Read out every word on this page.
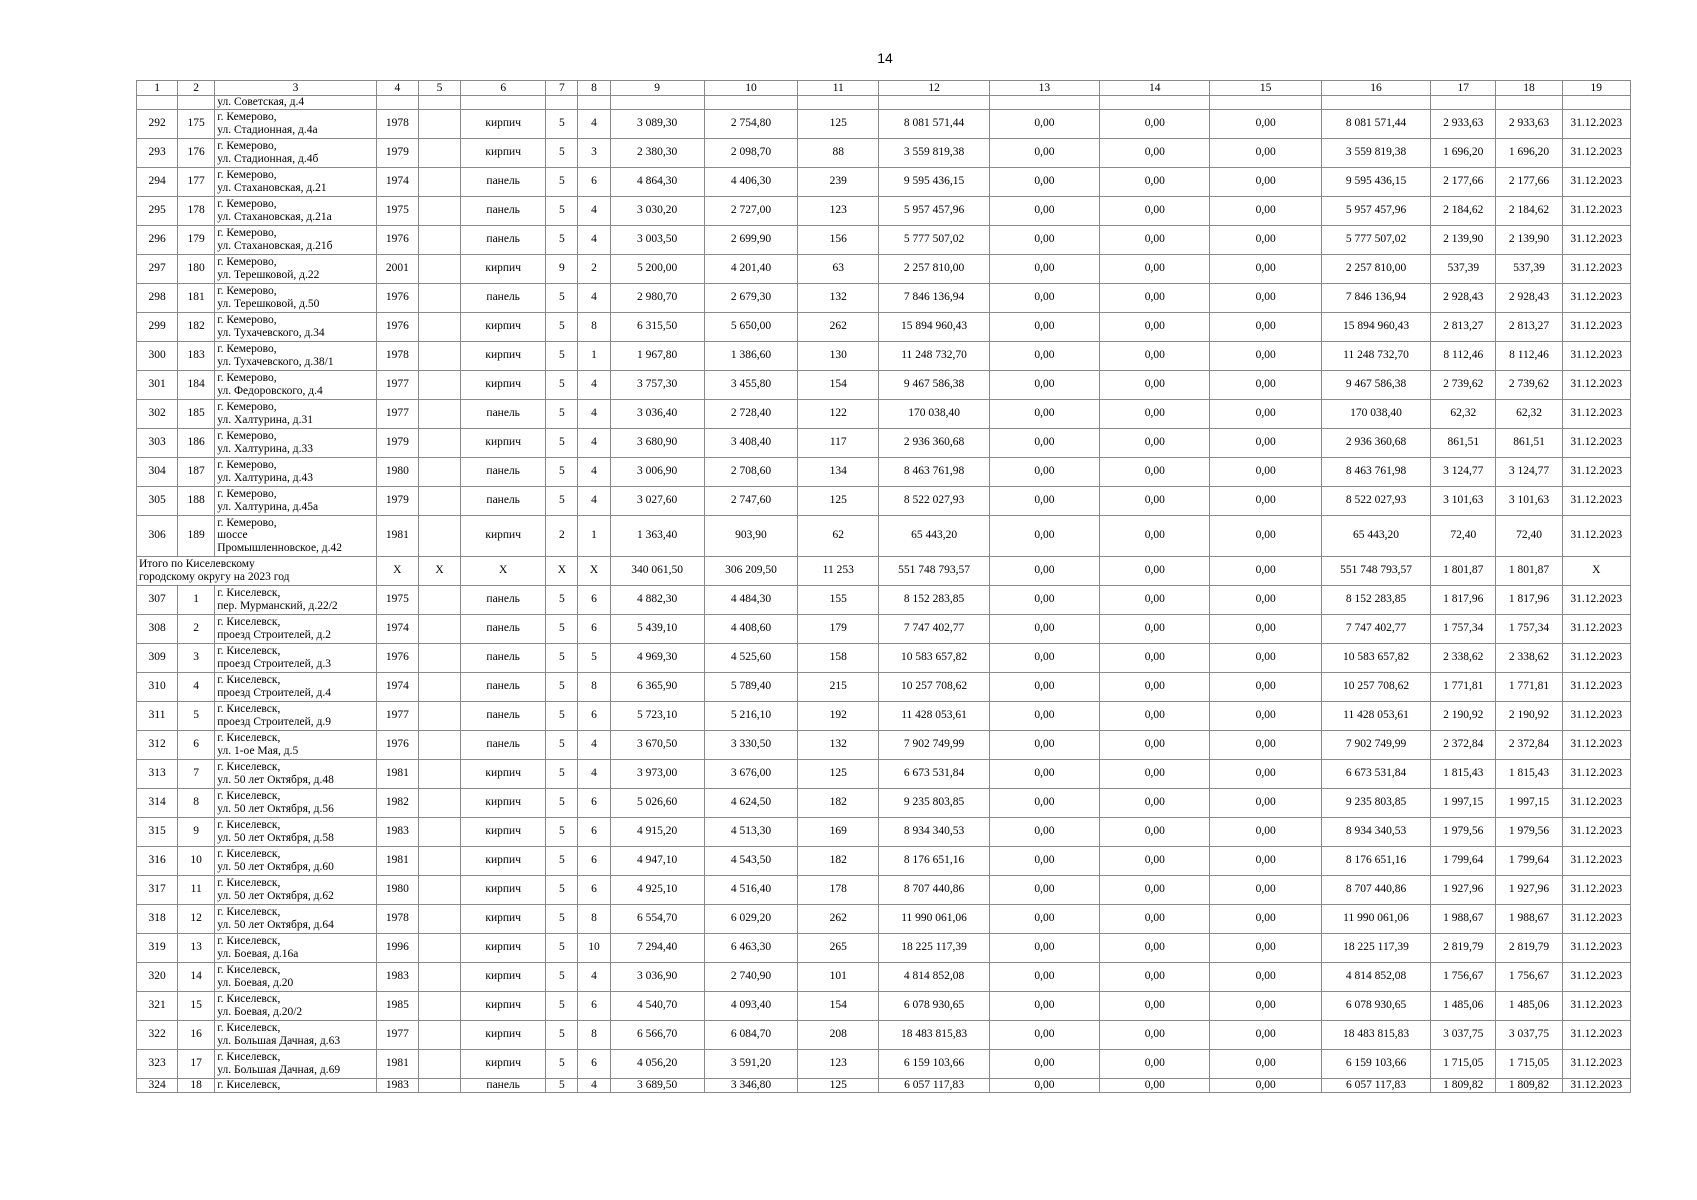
14
1	2	3	4	5	6	7	8	9	10	11	12	13	14	15	16	17	18	19
		ул. Советская, д.4																
292	175	г. Кемерово,
ул. Стадионная, д.4а	1978		кирпич	5	4	3 089,30	2 754,80	125	8 081 571,44	0,00	0,00	0,00	8 081 571,44	2 933,63	2 933,63	31.12.2023
293	176	г. Кемерово,
ул. Стадионная, д.4б	1979		кирпич	5	3	2 380,30	2 098,70	88	3 559 819,38	0,00	0,00	0,00	3 559 819,38	1 696,20	1 696,20	31.12.2023
294	177	г. Кемерово,
ул. Стахановская, д.21	1974		панель	5	6	4 864,30	4 406,30	239	9 595 436,15	0,00	0,00	0,00	9 595 436,15	2 177,66	2 177,66	31.12.2023
295	178	г. Кемерово,
ул. Стахановская, д.21а	1975		панель	5	4	3 030,20	2 727,00	123	5 957 457,96	0,00	0,00	0,00	5 957 457,96	2 184,62	2 184,62	31.12.2023
296	179	г. Кемерово,
ул. Стахановская, д.21б	1976		панель	5	4	3 003,50	2 699,90	156	5 777 507,02	0,00	0,00	0,00	5 777 507,02	2 139,90	2 139,90	31.12.2023
297	180	г. Кемерово,
ул. Терешковой, д.22	2001		кирпич	9	2	5 200,00	4 201,40	63	2 257 810,00	0,00	0,00	0,00	2 257 810,00	537,39	537,39	31.12.2023
298	181	г. Кемерово,
ул. Терешковой, д.50	1976		панель	5	4	2 980,70	2 679,30	132	7 846 136,94	0,00	0,00	0,00	7 846 136,94	2 928,43	2 928,43	31.12.2023
299	182	г. Кемерово,
ул. Тухачевского, д.34	1976		кирпич	5	8	6 315,50	5 650,00	262	15 894 960,43	0,00	0,00	0,00	15 894 960,43	2 813,27	2 813,27	31.12.2023
300	183	г. Кемерово,
ул. Тухачевского, д.38/1	1978		кирпич	5	1	1 967,80	1 386,60	130	11 248 732,70	0,00	0,00	0,00	11 248 732,70	8 112,46	8 112,46	31.12.2023
301	184	г. Кемерово,
ул. Федоровского, д.4	1977		кирпич	5	4	3 757,30	3 455,80	154	9 467 586,38	0,00	0,00	0,00	9 467 586,38	2 739,62	2 739,62	31.12.2023
302	185	г. Кемерово,
ул. Халтурина, д.31	1977		панель	5	4	3 036,40	2 728,40	122	170 038,40	0,00	0,00	0,00	170 038,40	62,32	62,32	31.12.2023
303	186	г. Кемерово,
ул. Халтурина, д.33	1979		кирпич	5	4	3 680,90	3 408,40	117	2 936 360,68	0,00	0,00	0,00	2 936 360,68	861,51	861,51	31.12.2023
304	187	г. Кемерово,
ул. Халтурина, д.43	1980		панель	5	4	3 006,90	2 708,60	134	8 463 761,98	0,00	0,00	0,00	8 463 761,98	3 124,77	3 124,77	31.12.2023
305	188	г. Кемерово,
ул. Халтурина, д.45а	1979		панель	5	4	3 027,60	2 747,60	125	8 522 027,93	0,00	0,00	0,00	8 522 027,93	3 101,63	3 101,63	31.12.2023
306	189	г. Кемерово,
шоссе
Промышленновское, д.42	1981		кирпич	2	1	1 363,40	903,90	62	65 443,20	0,00	0,00	0,00	65 443,20	72,40	72,40	31.12.2023

Итого по Киселевскому
городскому округу на 2023 год			Х	Х	Х	Х	Х	340 061,50	306 209,50	11 253	551 748 793,57	0,00	0,00	0,00	551 748 793,57	1 801,87	1 801,87	Х
307	1	г. Киселевск,
пер. Мурманский, д.22/2	1975		панель	5	6	4 882,30	4 484,30	155	8 152 283,85	0,00	0,00	0,00	8 152 283,85	1 817,96	1 817,96	31.12.2023
308	2	г. Киселевск,
проезд Строителей, д.2	1974		панель	5	6	5 439,10	4 408,60	179	7 747 402,77	0,00	0,00	0,00	7 747 402,77	1 757,34	1 757,34	31.12.2023
309	3	г. Киселевск,
проезд Строителей, д.3	1976		панель	5	5	4 969,30	4 525,60	158	10 583 657,82	0,00	0,00	0,00	10 583 657,82	2 338,62	2 338,62	31.12.2023
310	4	г. Киселевск,
проезд Строителей, д.4	1974		панель	5	8	6 365,90	5 789,40	215	10 257 708,62	0,00	0,00	0,00	10 257 708,62	1 771,81	1 771,81	31.12.2023
311	5	г. Киселевск,
проезд Строителей, д.9	1977		панель	5	6	5 723,10	5 216,10	192	11 428 053,61	0,00	0,00	0,00	11 428 053,61	2 190,92	2 190,92	31.12.2023
312	6	г. Киселевск,
ул. 1-ое Мая, д.5	1976		панель	5	4	3 670,50	3 330,50	132	7 902 749,99	0,00	0,00	0,00	7 902 749,99	2 372,84	2 372,84	31.12.2023
313	7	г. Киселевск,
ул. 50 лет Октября, д.48	1981		кирпич	5	4	3 973,00	3 676,00	125	6 673 531,84	0,00	0,00	0,00	6 673 531,84	1 815,43	1 815,43	31.12.2023
314	8	г. Киселевск,
ул. 50 лет Октября, д.56	1982		кирпич	5	6	5 026,60	4 624,50	182	9 235 803,85	0,00	0,00	0,00	9 235 803,85	1 997,15	1 997,15	31.12.2023
315	9	г. Киселевск,
ул. 50 лет Октября, д.58	1983		кирпич	5	6	4 915,20	4 513,30	169	8 934 340,53	0,00	0,00	0,00	8 934 340,53	1 979,56	1 979,56	31.12.2023
316	10	г. Киселевск,
ул. 50 лет Октября, д.60	1981		кирпич	5	6	4 947,10	4 543,50	182	8 176 651,16	0,00	0,00	0,00	8 176 651,16	1 799,64	1 799,64	31.12.2023
317	11	г. Киселевск,
ул. 50 лет Октября, д.62	1980		кирпич	5	6	4 925,10	4 516,40	178	8 707 440,86	0,00	0,00	0,00	8 707 440,86	1 927,96	1 927,96	31.12.2023
318	12	г. Киселевск,
ул. 50 лет Октября, д.64	1978		кирпич	5	8	6 554,70	6 029,20	262	11 990 061,06	0,00	0,00	0,00	11 990 061,06	1 988,67	1 988,67	31.12.2023
319	13	г. Киселевск,
ул. Боевая, д.16а	1996		кирпич	5	10	7 294,40	6 463,30	265	18 225 117,39	0,00	0,00	0,00	18 225 117,39	2 819,79	2 819,79	31.12.2023
320	14	г. Киселевск,
ул. Боевая, д.20	1983		кирпич	5	4	3 036,90	2 740,90	101	4 814 852,08	0,00	0,00	0,00	4 814 852,08	1 756,67	1 756,67	31.12.2023
321	15	г. Киселевск,
ул. Боевая, д.20/2	1985		кирпич	5	6	4 540,70	4 093,40	154	6 078 930,65	0,00	0,00	0,00	6 078 930,65	1 485,06	1 485,06	31.12.2023
322	16	г. Киселевск,
ул. Большая Дачная, д.63	1977		кирпич	5	8	6 566,70	6 084,70	208	18 483 815,83	0,00	0,00	0,00	18 483 815,83	3 037,75	3 037,75	31.12.2023
323	17	г. Киселевск,
ул. Большая Дачная, д.69	1981		кирпич	5	6	4 056,20	3 591,20	123	6 159 103,66	0,00	0,00	0,00	6 159 103,66	1 715,05	1 715,05	31.12.2023
324	18	г. Киселевск,	1983		панель	5	4	3 689,50	3 346,80	125	6 057 117,83	0,00	0,00	0,00	6 057 117,83	1 809,82	1 809,82	31.12.2023
